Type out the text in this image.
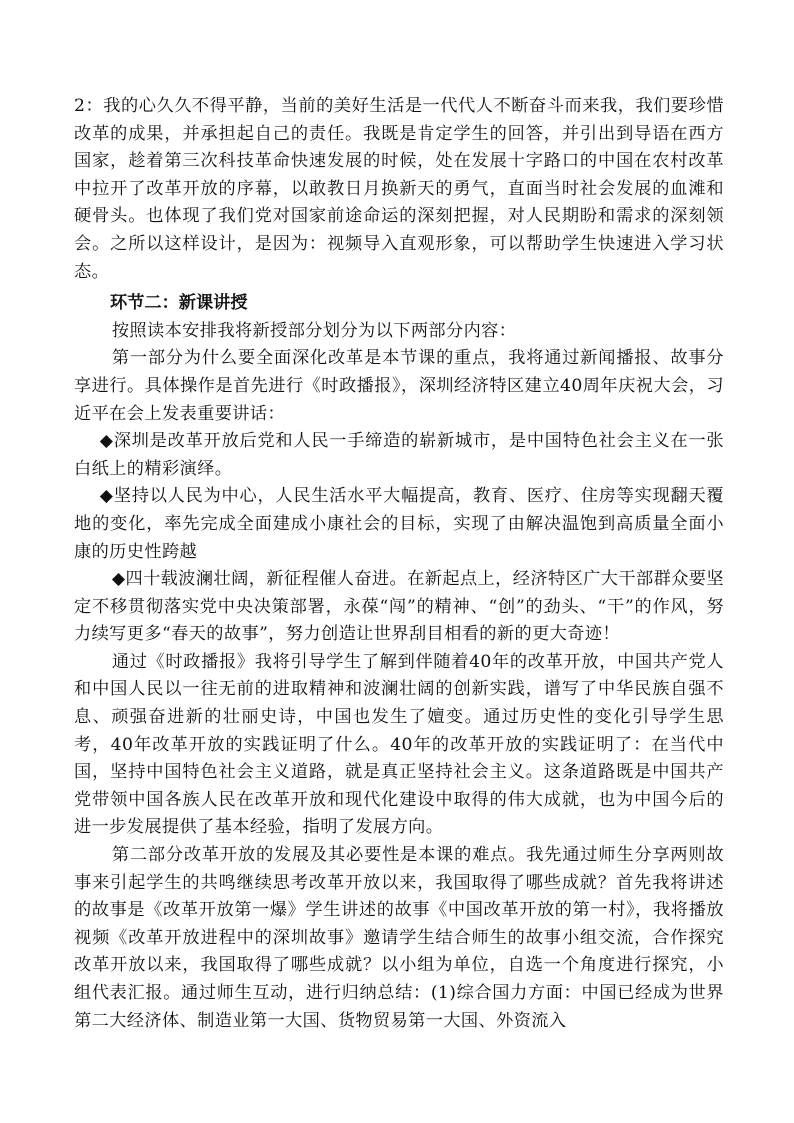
2：我的心久久不得平静，当前的美好生活是一代代人不断奋斗而来我，我们要珍惜改革的成果，并承担起自己的责任。我既是肯定学生的回答，并引出到导语在西方国家，趁着第三次科技革命快速发展的时候，处在发展十字路口的中国在农村改革中拉开了改革开放的序幕，以敢教日月换新天的勇气，直面当时社会发展的血滩和硬骨头。也体现了我们党对国家前途命运的深刻把握，对人民期盼和需求的深刻领会。之所以这样设计，是因为：视频导入直观形象，可以帮助学生快速进入学习状态。

环节二：新课讲授

按照读本安排我将新授部分划分为以下两部分内容：

第一部分为什么要全面深化改革是本节课的重点，我将通过新闻播报、故事分享进行。具体操作是首先进行《时政播报》，深圳经济特区建立40周年庆祝大会，习近平在会上发表重要讲话：

◆深圳是改革开放后党和人民一手缔造的崭新城市，是中国特色社会主义在一张白纸上的精彩演绎。

◆坚持以人民为中心，人民生活水平大幅提高，教育、医疗、住房等实现翻天覆地的变化，率先完成全面建成小康社会的目标，实现了由解决温饱到高质量全面小康的历史性跨越

◆四十载波澜壮阔，新征程催人奋进。在新起点上，经济特区广大干部群众要坚定不移贯彻落实党中央决策部署，永葆“闯”的精神、“创”的劲头、“干”的作风，努力续写更多“春天的故事”，努力创造让世界刮目相看的新的更大奇迹！

通过《时政播报》我将引导学生了解到伴随着40年的改革开放，中国共产党人和中国人民以一往无前的进取精神和波澜壮阔的创新实践，谱写了中华民族自强不息、顽强奋进新的壮丽史诗，中国也发生了嬗变。通过历史性的变化引导学生思考，40年改革开放的实践证明了什么。40年的改革开放的实践证明了：在当代中国，坚持中国特色社会主义道路，就是真正坚持社会主义。这条道路既是中国共产党带领中国各族人民在改革开放和现代化建设中取得的伟大成就，也为中国今后的进一步发展提供了基本经验，指明了发展方向。

第二部分改革开放的发展及其必要性是本课的难点。我先通过师生分享两则故事来引起学生的共鸣继续思考改革开放以来，我国取得了哪些成就？首先我将讲述的故事是《改革开放第一爆》学生讲述的故事《中国改革开放的第一村》，我将播放视频《改革开放进程中的深圳故事》邀请学生结合师生的故事小组交流，合作探究改革开放以来，我国取得了哪些成就？以小组为单位，自选一个角度进行探究，小组代表汇报。通过师生互动，进行归纳总结：(1)综合国力方面：中国已经成为世界第二大经济体、制造业第一大国、货物贸易第一大国、外资流入
